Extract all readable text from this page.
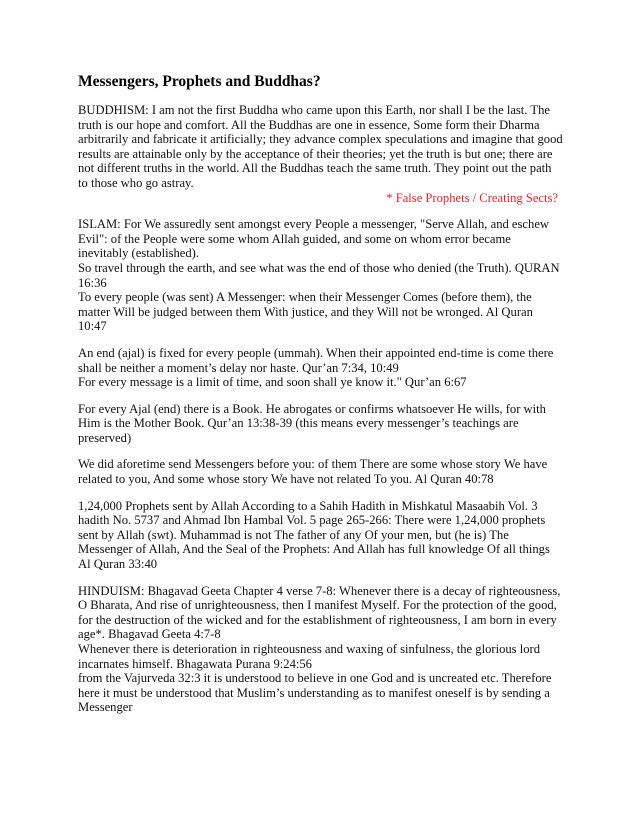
Messengers, Prophets and Buddhas?

BUDDHISM: I am not the first Buddha who came upon this Earth, nor shall I be the last. The truth is our hope and comfort. All the Buddhas are one in essence, Some form their Dharma arbitrarily and fabricate it artificially; they advance complex speculations and imagine that good results are attainable only by the acceptance of their theories; yet the truth is but one; there are not different truths in the world. All the Buddhas teach the same truth. They point out the path to those who go astray.

* False Prophets / Creating Sects?

ISLAM: For We assuredly sent amongst every People a messenger, "Serve Allah, and eschew Evil": of the People were some whom Allah guided, and some on whom error became inevitably (established).
So travel through the earth, and see what was the end of those who denied (the Truth). QURAN 16:36
To every people (was sent) A Messenger: when their Messenger Comes (before them), the matter Will be judged between them With justice, and they Will not be wronged. Al Quran 10:47
An end (ajal) is fixed for every people (ummah). When their appointed end-time is come there shall be neither a moment’s delay nor haste. Qur’an 7:34, 10:49
For every message is a limit of time, and soon shall ye know it." Qur’an 6:67

For every Ajal (end) there is a Book. He abrogates or confirms whatsoever He wills, for with Him is the Mother Book. Qur’an 13:38-39 (this means every messenger’s teachings are preserved)

We did aforetime send Messengers before you: of them There are some whose story We have related to you, And some whose story We have not related To you. Al Quran 40:78

1,24,000 Prophets sent by Allah According to a Sahih Hadith in Mishkatul Masaabih Vol. 3 hadith No. 5737 and Ahmad Ibn Hambal Vol. 5 page 265-266: There were 1,24,000 prophets sent by Allah (swt). Muhammad is not The father of any Of your men, but (he is) The Messenger of Allah, And the Seal of the Prophets: And Allah has full knowledge Of all things Al Quran 33:40

HINDUISM: Bhagavad Geeta Chapter 4 verse 7-8: Whenever there is a decay of righteousness, O Bharata, And rise of unrighteousness, then I manifest Myself. For the protection of the good, for the destruction of the wicked and for the establishment of righteousness, I am born in every age*. Bhagavad Geeta 4:7-8
Whenever there is deterioration in righteousness and waxing of sinfulness, the glorious lord incarnates himself. Bhagawata Purana 9:24:56
from the Vajurveda 32:3 it is understood to believe in one God and is uncreated etc. Therefore here it must be understood that Muslim’s understanding as to manifest oneself is by sending a Messenger
